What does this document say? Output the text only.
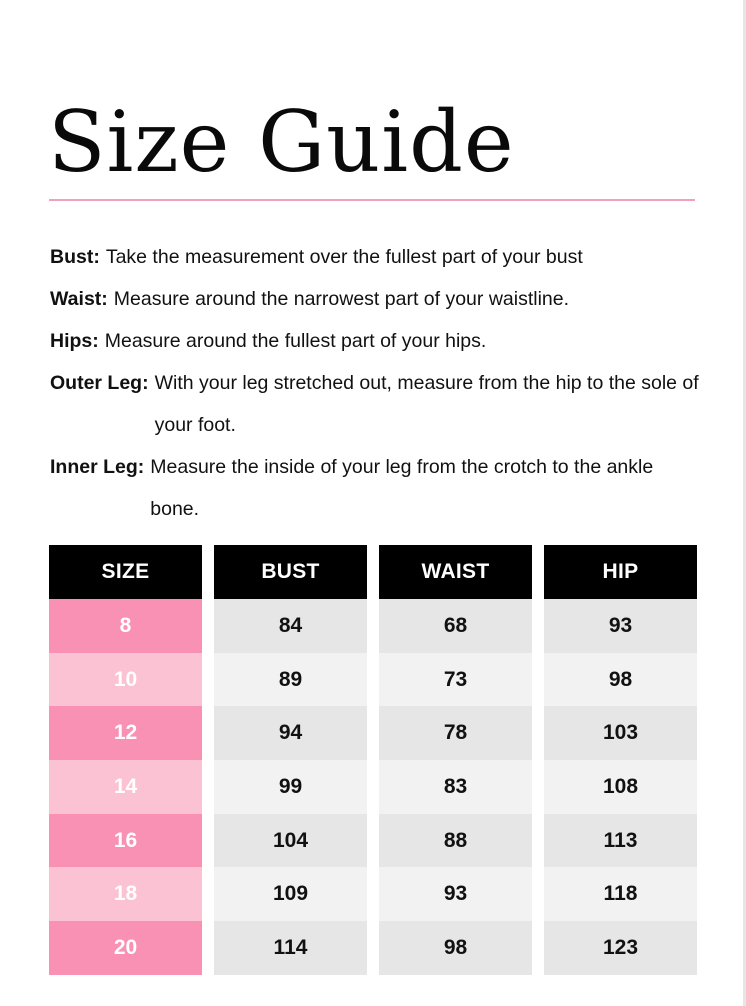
Size Guide
Bust: Take the measurement over the fullest part of your bust
Waist: Measure around the narrowest part of your waistline.
Hips: Measure around the fullest part of your hips.
Outer Leg: With your leg stretched out, measure from the hip to the sole of your foot.
Inner Leg: Measure the inside of your leg from the crotch to the ankle bone.
SIZE
8
10
12
14
16
18
20
BUST
84
89
94
99
104
109
114
WAIST
68
73
78
83
88
93
98
HIP
93
98
103
108
113
118
123
